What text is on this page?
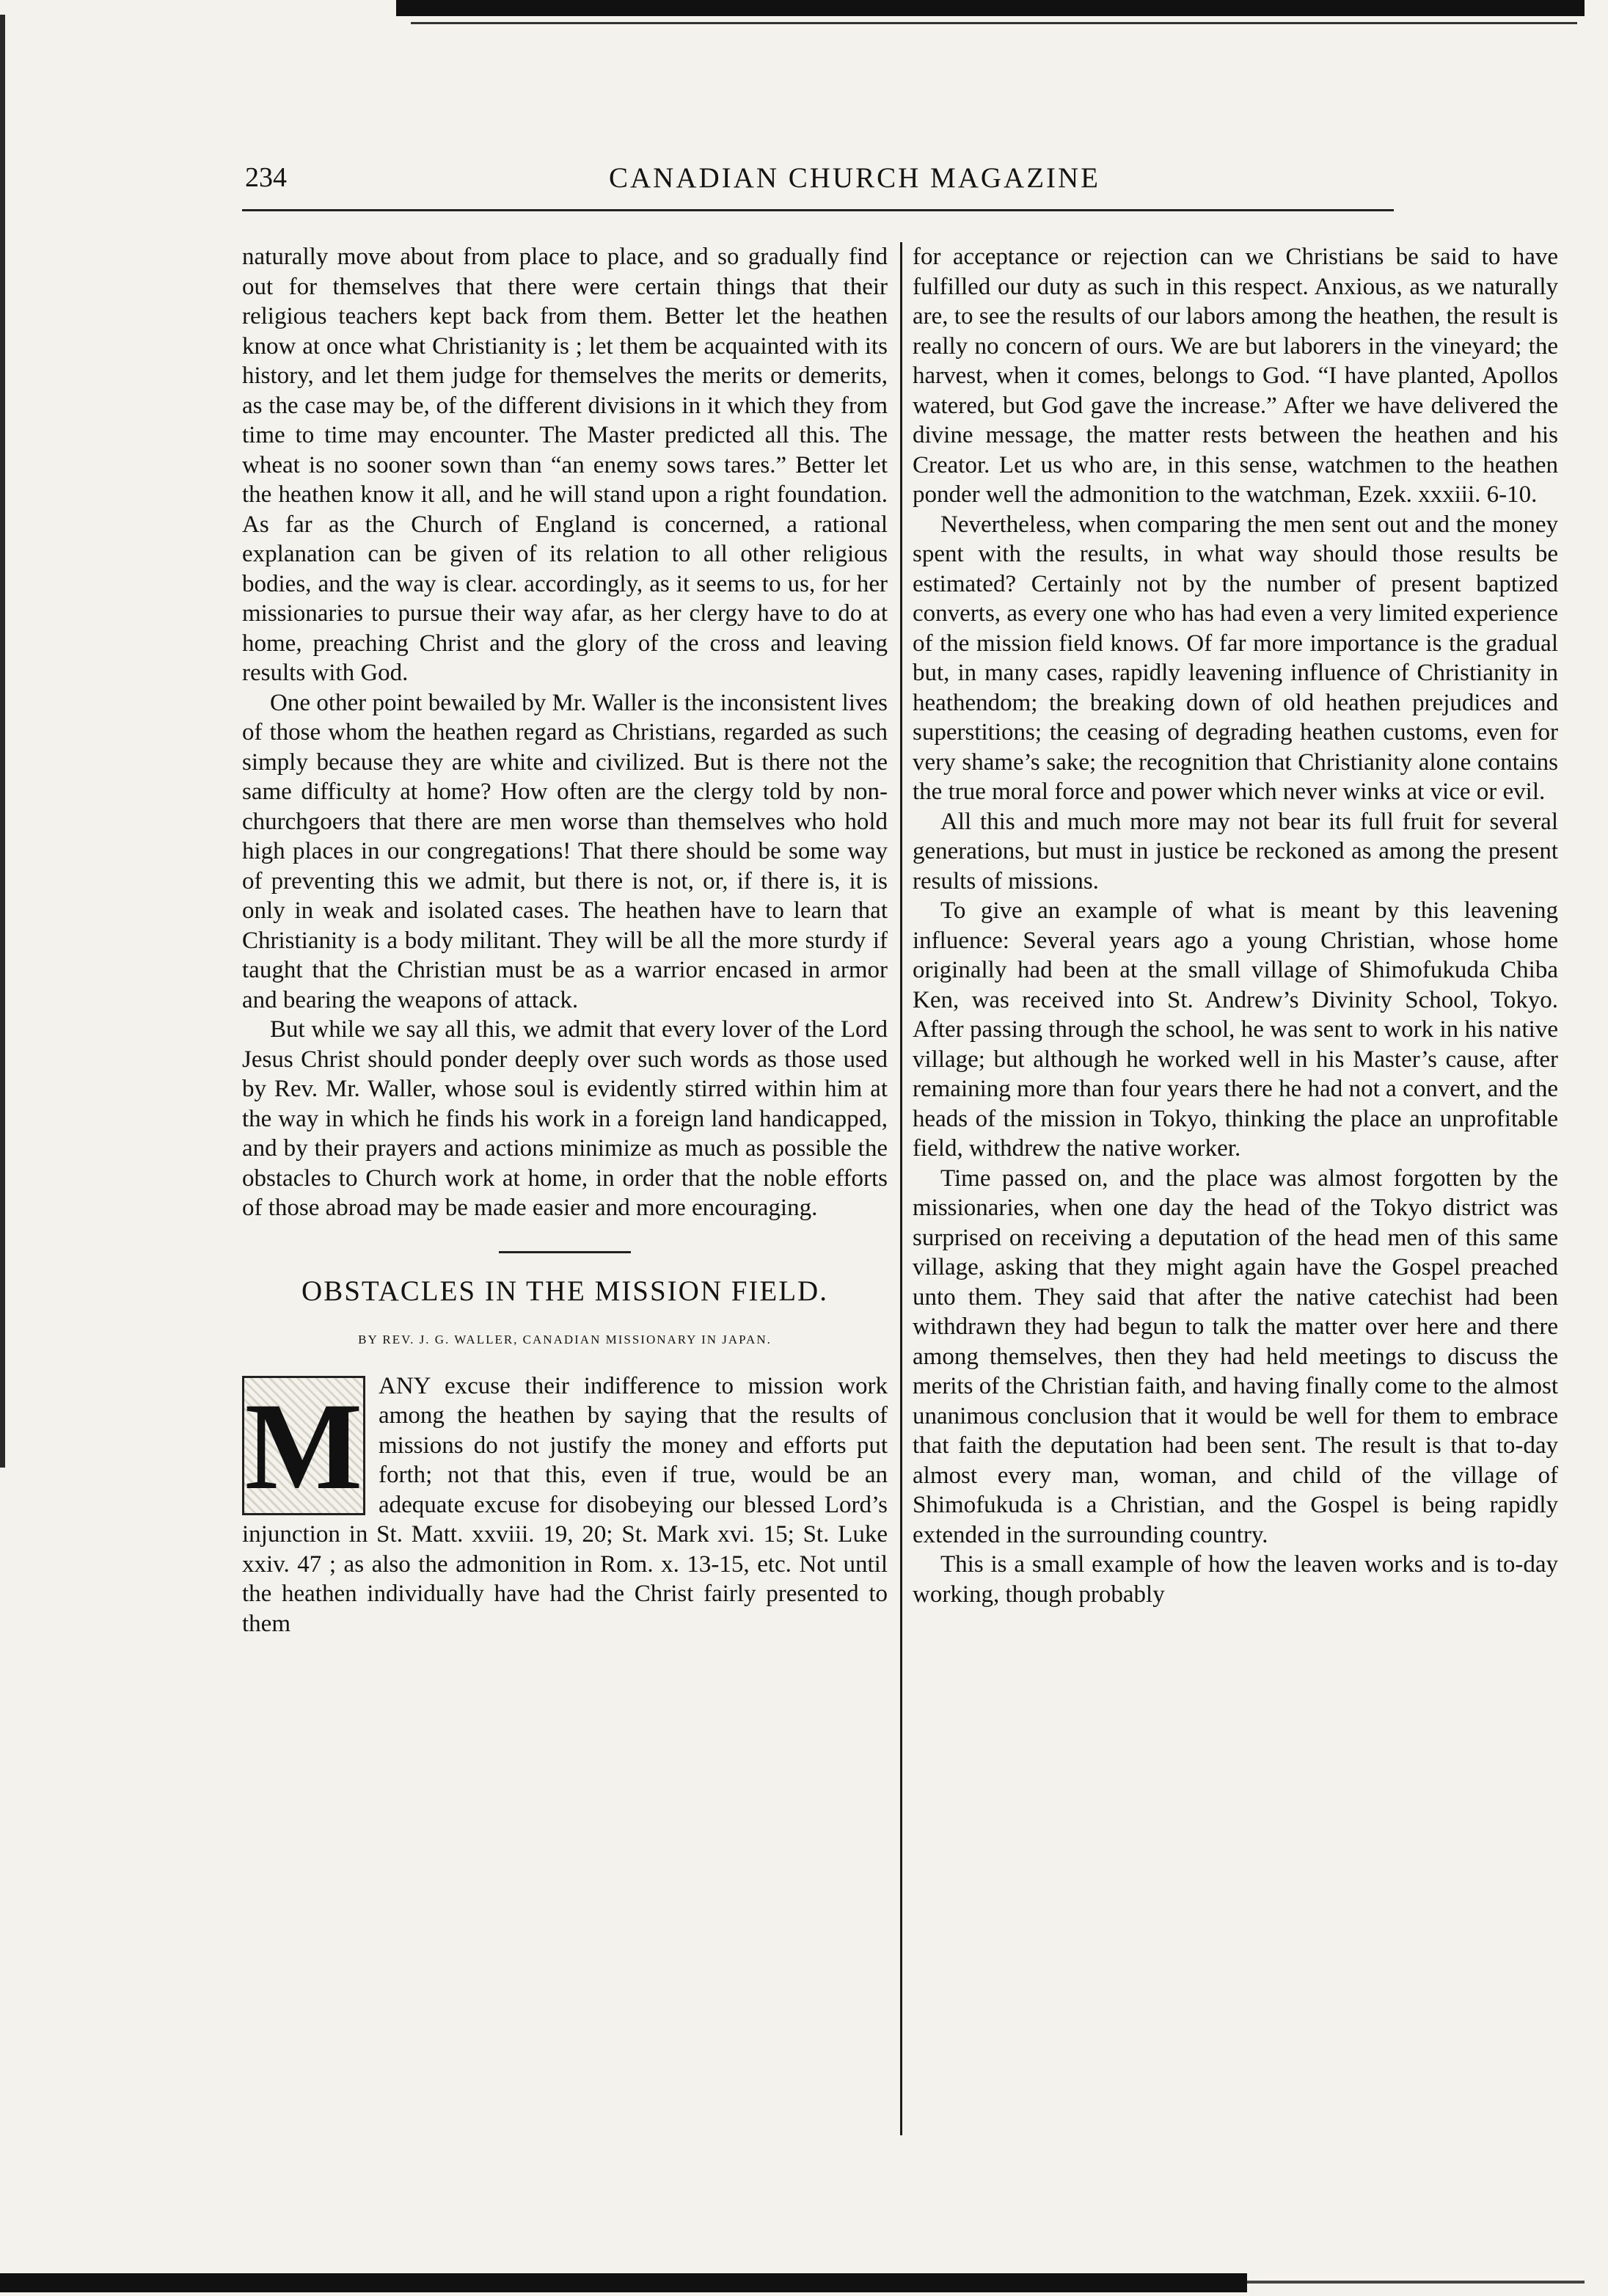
234	CANADIAN CHURCH MAGAZINE

naturally move about from place to place, and so gradually find out for themselves that there were certain things that their religious teachers kept back from them. Better let the heathen know at once what Christianity is ; let them be acquainted with its history, and let them judge for themselves the merits or demerits, as the case may be, of the different divisions in it which they from time to time may encounter. The Master predicted all this. The wheat is no sooner sown than “an enemy sows tares.” Better let the heathen know it all, and he will stand upon a right foundation. As far as the Church of England is concerned, a rational explanation can be given of its relation to all other religious bodies, and the way is clear. accordingly, as it seems to us, for her missionaries to pursue their way afar, as her clergy have to do at home, preaching Christ and the glory of the cross and leaving results with God.

One other point bewailed by Mr. Waller is the inconsistent lives of those whom the heathen regard as Christians, regarded as such simply because they are white and civilized. But is there not the same difficulty at home? How often are the clergy told by non-churchgoers that there are men worse than themselves who hold high places in our congregations! That there should be some way of preventing this we admit, but there is not, or, if there is, it is only in weak and isolated cases. The heathen have to learn that Christianity is a body militant. They will be all the more sturdy if taught that the Christian must be as a warrior encased in armor and bearing the weapons of attack.

But while we say all this, we admit that every lover of the Lord Jesus Christ should ponder deeply over such words as those used by Rev. Mr. Waller, whose soul is evidently stirred within him at the way in which he finds his work in a foreign land handicapped, and by their prayers and actions minimize as much as possible the obstacles to Church work at home, in order that the noble efforts of those abroad may be made easier and more encouraging.

OBSTACLES IN THE MISSION FIELD.
BY REV. J. G. WALLER, CANADIAN MISSIONARY IN JAPAN.
M ANY excuse their indifference to mission work among the heathen by saying that the results of missions do not justify the money and efforts put forth; not that this, even if true, would be an adequate excuse for disobeying our blessed Lord’s injunction in St. Matt. xxviii. 19, 20; St. Mark xvi. 15; St. Luke xxiv. 47 ; as also the admonition in Rom. x. 13-15, etc. Not until the heathen individually have had the Christ fairly presented to them

for acceptance or rejection can we Christians be said to have fulfilled our duty as such in this respect. Anxious, as we naturally are, to see the results of our labors among the heathen, the result is really no concern of ours. We are but laborers in the vineyard; the harvest, when it comes, belongs to God. “I have planted, Apollos watered, but God gave the increase.” After we have delivered the divine message, the matter rests between the heathen and his Creator. Let us who are, in this sense, watchmen to the heathen ponder well the admonition to the watchman, Ezek. xxxiii. 6-10.

Nevertheless, when comparing the men sent out and the money spent with the results, in what way should those results be estimated? Certainly not by the number of present baptized converts, as every one who has had even a very limited experience of the mission field knows. Of far more importance is the gradual but, in many cases, rapidly leavening influence of Christianity in heathendom; the breaking down of old heathen prejudices and superstitions; the ceasing of degrading heathen customs, even for very shame’s sake; the recognition that Christianity alone contains the true moral force and power which never winks at vice or evil.

All this and much more may not bear its full fruit for several generations, but must in justice be reckoned as among the present results of missions.

To give an example of what is meant by this leavening influence: Several years ago a young Christian, whose home originally had been at the small village of Shimofukuda Chiba Ken, was received into St. Andrew’s Divinity School, Tokyo. After passing through the school, he was sent to work in his native village; but although he worked well in his Master’s cause, after remaining more than four years there he had not a convert, and the heads of the mission in Tokyo, thinking the place an unprofitable field, withdrew the native worker.

Time passed on, and the place was almost forgotten by the missionaries, when one day the head of the Tokyo district was surprised on receiving a deputation of the head men of this same village, asking that they might again have the Gospel preached unto them. They said that after the native catechist had been withdrawn they had begun to talk the matter over here and there among themselves, then they had held meetings to discuss the merits of the Christian faith, and having finally come to the almost unanimous conclusion that it would be well for them to embrace that faith the deputation had been sent. The result is that to-day almost every man, woman, and child of the village of Shimofukuda is a Christian, and the Gospel is being rapidly extended in the surrounding country.

This is a small example of how the leaven works and is to-day working, though probably
